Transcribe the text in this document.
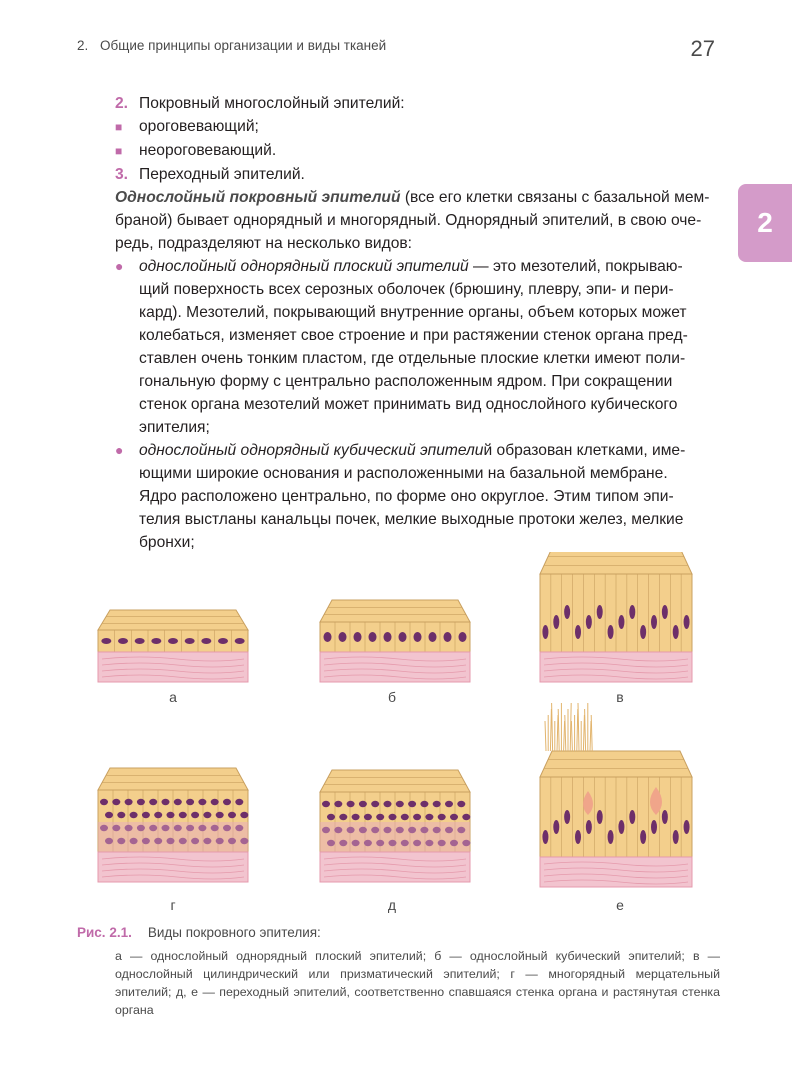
2. Общие принципы организации и виды тканей	27
2

2. Покровный многослойный эпителий:

■ ороговевающий;

■ неороговевающий.

3. Переходный эпителий.

Однослойный покровный эпителий (все его клетки связаны с базальной мем-
браной) бывает однорядный и многорядный. Однорядный эпителий, в свою оче-
редь, подразделяют на несколько видов:

● однослойный однорядный плоский эпителий — это мезотелий, покрываю-
щий поверхность всех серозных оболочек (брюшину, плевру, эпи- и пери-
кард). Мезотелий, покрывающий внутренние органы, объем которых может
колебаться, изменяет свое строение и при растяжении стенок органа пред-
ставлен очень тонким пластом, где отдельные плоские клетки имеют поли-
гональную форму с центрально расположенным ядром. При сокращении
стенок органа мезотелий может принимать вид однослойного кубического
эпителия;

● однослойный однорядный кубический эпителий образован клетками, име-
ющими широкие основания и расположенными на базальной мембране.
Ядро расположено центрально, по форме оно округлое. Этим типом эпи-
телия выстланы канальцы почек, мелкие выходные протоки желез, мелкие
бронхи;

а	б	в
г	д	е
Рис. 2.1. Виды покровного эпителия:
а — однослойный однорядный плоский эпителий; б — однослойный кубический эпителий; в — однослойный цилиндрический или призматический эпителий; г — многорядный мерцательный эпителий; д, е — переходный эпителий, соответственно спавшаяся стенка органа и растянутая стенка органа
